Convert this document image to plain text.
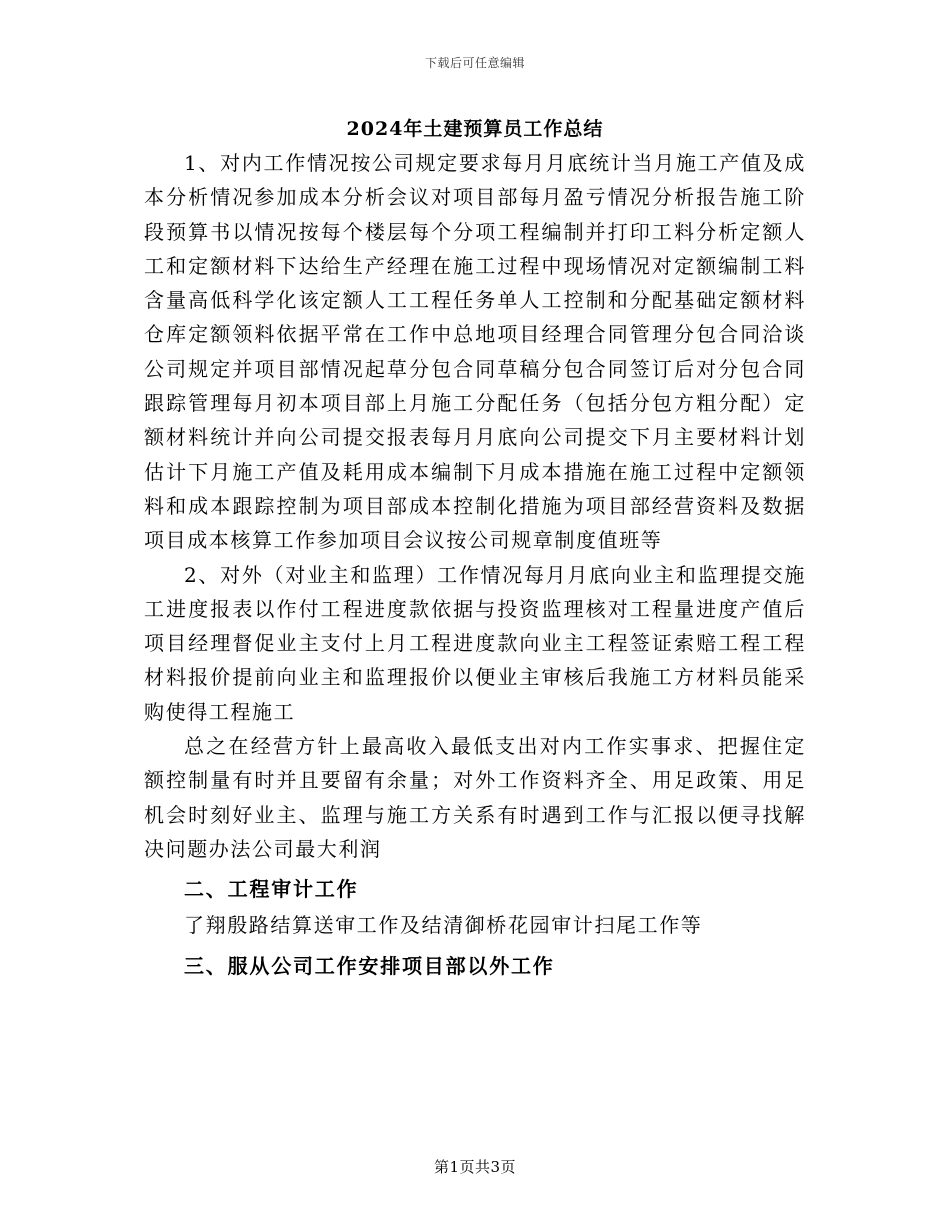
下载后可任意编辑
2024年土建预算员工作总结

1、对内工作情况按公司规定要求每月月底统计当月施工产值及成本分析情况参加成本分析会议对项目部每月盈亏情况分析报告施工阶段预算书以情况按每个楼层每个分项工程编制并打印工料分析定额人工和定额材料下达给生产经理在施工过程中现场情况对定额编制工料含量高低科学化该定额人工工程任务单人工控制和分配基础定额材料仓库定额领料依据平常在工作中总地项目经理合同管理分包合同洽谈公司规定并项目部情况起草分包合同草稿分包合同签订后对分包合同跟踪管理每月初本项目部上月施工分配任务（包括分包方粗分配）定额材料统计并向公司提交报表每月月底向公司提交下月主要材料计划估计下月施工产值及耗用成本编制下月成本措施在施工过程中定额领料和成本跟踪控制为项目部成本控制化措施为项目部经营资料及数据项目成本核算工作参加项目会议按公司规章制度值班等

2、对外（对业主和监理）工作情况每月月底向业主和监理提交施工进度报表以作付工程进度款依据与投资监理核对工程量进度产值后项目经理督促业主支付上月工程进度款向业主工程签证索赔工程工程材料报价提前向业主和监理报价以便业主审核后我施工方材料员能采购使得工程施工

总之在经营方针上最高收入最低支出对内工作实事求、把握住定额控制量有时并且要留有余量；对外工作资料齐全、用足政策、用足机会时刻好业主、监理与施工方关系有时遇到工作与汇报以便寻找解决问题办法公司最大利润

二、工程审计工作

了翔殷路结算送审工作及结清御桥花园审计扫尾工作等

三、服从公司工作安排项目部以外工作
第1页共3页
